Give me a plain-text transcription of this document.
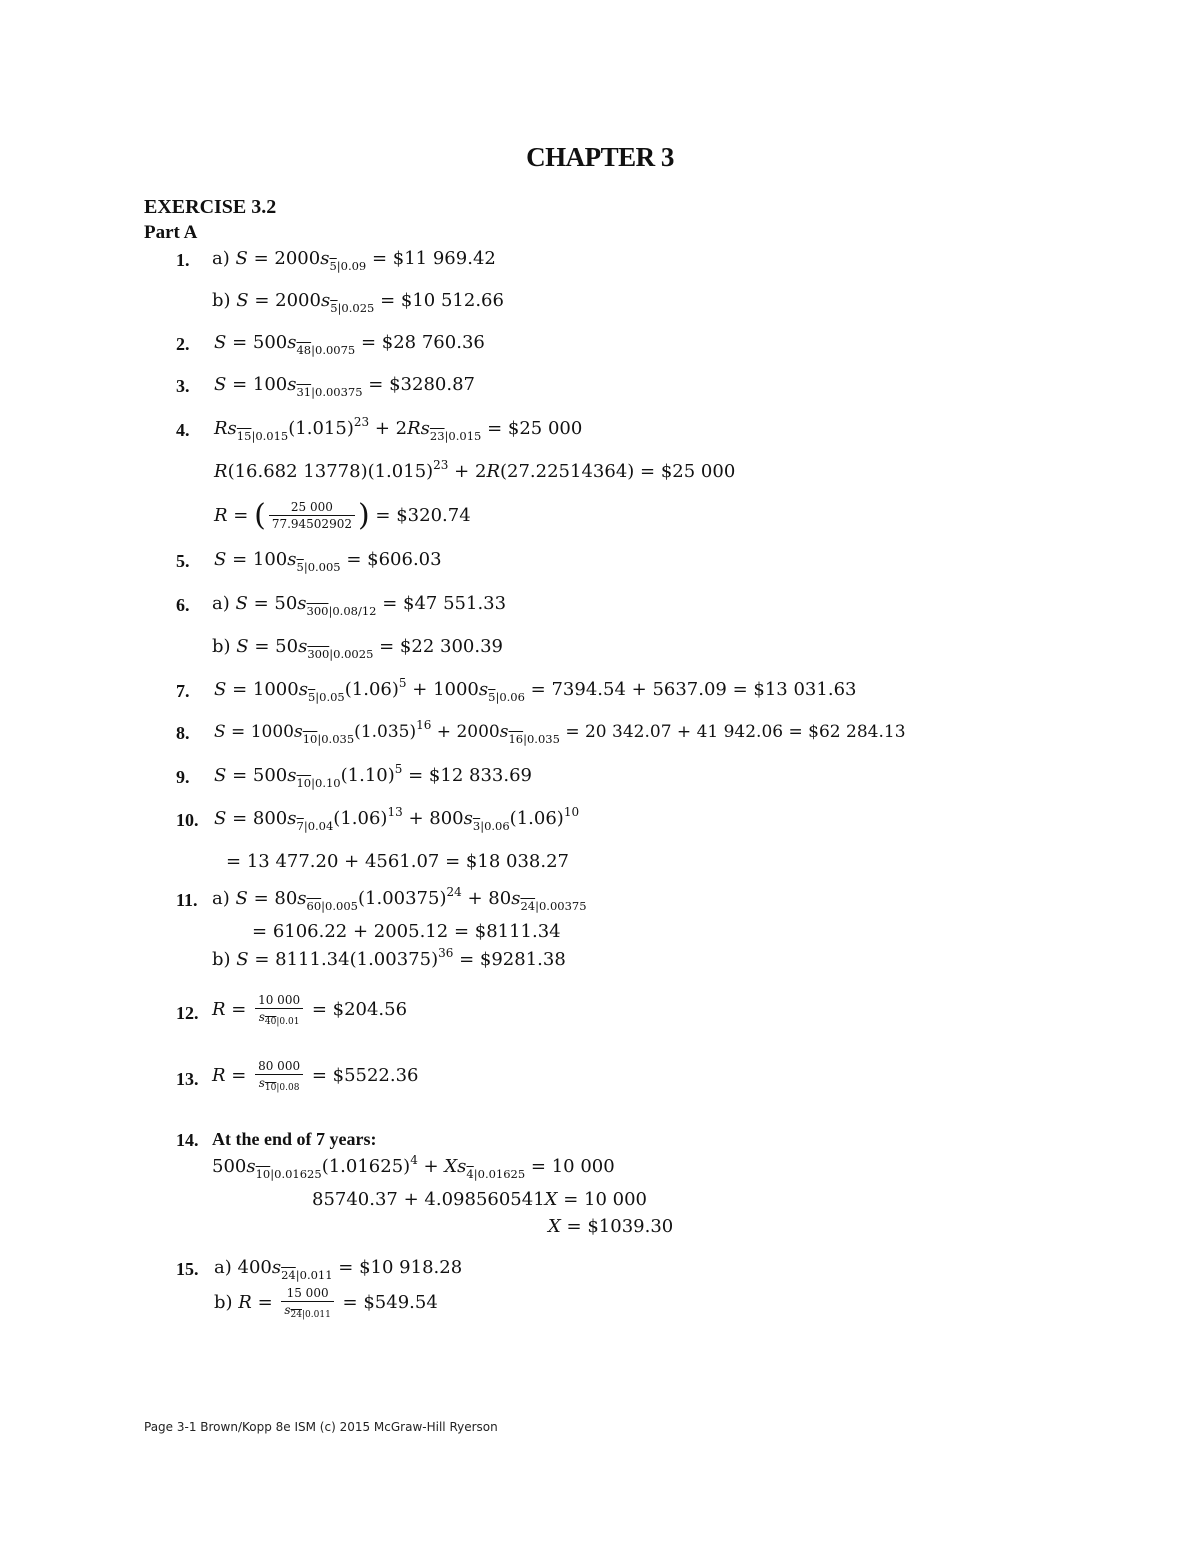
CHAPTER 3
EXERCISE 3.2
Part A
1. a) S = 2000s5|0.09 = $11 969.42
b) S = 2000s5|0.025 = $10 512.66
2. S = 500s48|0.0075 = $28 760.36
3. S = 100s31|0.00375 = $3280.87
4. $Rs15|0.015(1.015)^{23} + 2Rs23|0.015$ = $25 000
R(16.682 $13778)(1.015)^{23} + 2R(27.22514364)$ = $25 000
R = ( $\frac{25 000}{77.94502902}$ ) = $320.74
5. S = 100s5|0.005 = $606.03
6. a) S = 50s300|0.08/12 = $47 551.33
b) S = 50s300|0.0025 = $22 300.39
7. $S = 1000s5|0.05(1.06)^5 + 1000s5|0.06 = 7394.54 + 5637.09$ = $13 031.63
8. $S = 1000s10|0.035(1.035)^{16} + 2000s16|0.035 = 20$ 342.07 + 41 942.06 = $62 284.13
9. $S = 500s10|0.10(1.10)^5$ = $12 833.69
10. $S = 800s7|0.04(1.06)^{13} + 800s3|0.06(1.06)^{10}$
= 13 477.20 + 4561.07 = $18 038.27
11. a) $S = 80s60|0.005(1.00375)^{24} + 80s24|0.00375$
= 6106.22 + 2005.12 = $8111.34
b) $S = 8111.34(1.00375)^{36}$ = $9281.38
12. $R = \frac{10 000}{s40|0.01}$ = $204.56
13. $R = \frac{80 000}{s10|0.08}$ = $5522.36
14. At the end of 7 years:
$500s10|0.01625(1.01625)^4 + Xs4|0.01625 = 10$ 000
85740.37 + 4.098560541X = 10 000
X = $1039.30
15. a) 400s24|0.011 = $10 918.28
b) $R = \frac{15 000}{s24|0.011}$ = $549.54
Page 3-1 Brown/Kopp 8e ISM (c) 2015 McGraw-Hill Ryerson
